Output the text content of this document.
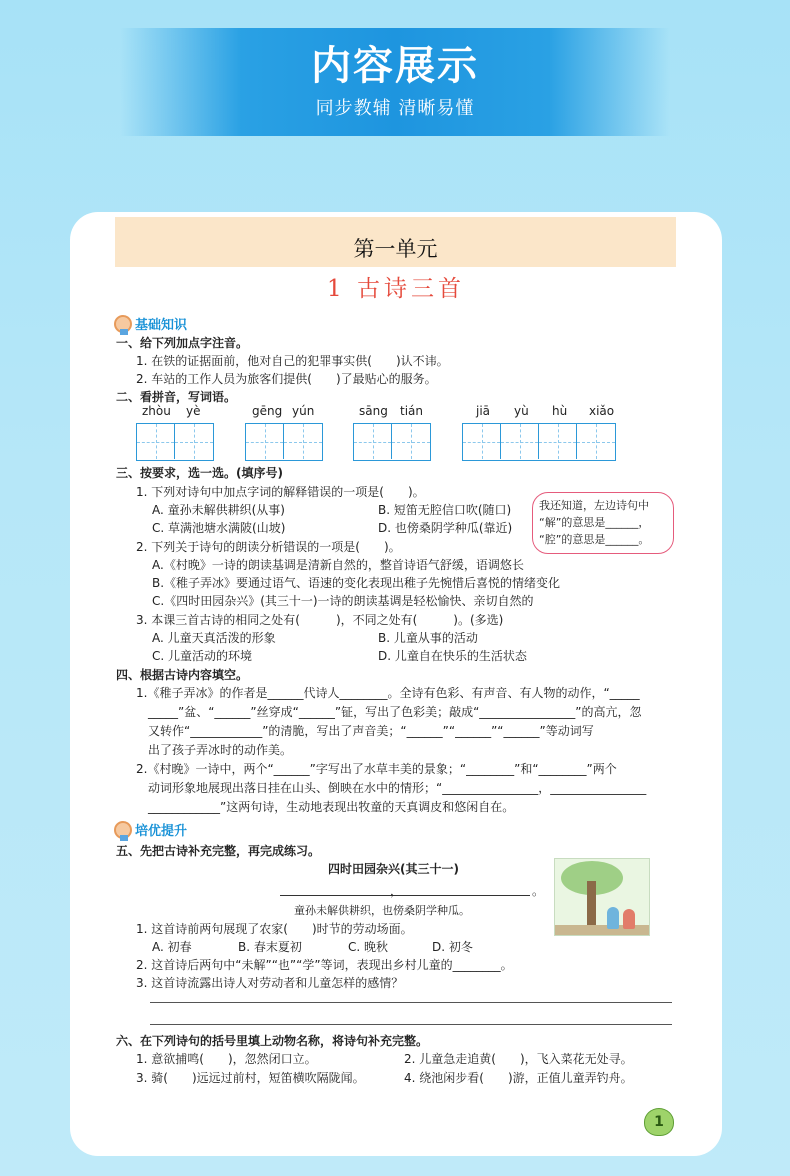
内容展示
同步教辅 清晰易懂
第一单元
1 古诗三首
基础知识
一、给下列加点字注音。
1. 在铁的证据面前，他对自己的犯罪事实供(　　)认不讳。
2. 车站的工作人员为旅客们提供(　　)了最贴心的服务。
二、看拼音，写词语。
zhòu yè	gēng yún	sāng tián	jiā yù hù xiǎo
三、按要求，选一选。(填序号)
1. 下列对诗句中加点字词的解释错误的一项是(　　)。
A. 童孙未解供耕织(从事)	B. 短笛无腔信口吹(随口)
C. 草满池塘水满陂(山坡)	D. 也傍桑阴学种瓜(靠近)
我还知道，左边诗句中
“解”的意思是______，
“腔”的意思是______。
2. 下列关于诗句的朗读分析错误的一项是(　　)。
A.《村晚》一诗的朗读基调是清新自然的，整首诗语气舒缓，语调悠长
B.《稚子弄冰》要通过语气、语速的变化表现出稚子先惋惜后喜悦的情绪变化
C.《四时田园杂兴》(其三十一)一诗的朗读基调是轻松愉快、亲切自然的
3. 本课三首古诗的相同之处有(　　　)，不同之处有(　　　)。(多选)
A. 儿童天真活泼的形象	B. 儿童从事的活动
C. 儿童活动的环境	D. 儿童自在快乐的生活状态
四、根据古诗内容填空。
1.《稚子弄冰》的作者是______代诗人________。全诗有色彩、有声音、有人物的动作，“_____
_____”盆、“______”丝穿成“______”钲，写出了色彩美；敲成“________________”的高亢，忽
又转作“____________”的清脆，写出了声音美；“______”“______”“______”等动词写
出了孩子弄冰时的动作美。
2.《村晚》一诗中，两个“______”字写出了水草丰美的景象；“________”和“________”两个
动词形象地展现出落日挂在山头、倒映在水中的情形；“________________，________________
____________”这两句诗，生动地表现出牧童的天真调皮和悠闲自在。
培优提升
五、先把古诗补充完整，再完成练习。
四时田园杂兴(其三十一)
，	。
童孙未解供耕织，也傍桑阴学种瓜。
1. 这首诗前两句展现了农家(　　)时节的劳动场面。
A. 初春	B. 春末夏初	C. 晚秋	D. 初冬
2. 这首诗后两句中“未解”“也”“学”等词，表现出乡村儿童的________。
3. 这首诗流露出诗人对劳动者和儿童怎样的感情？
六、在下列诗句的括号里填上动物名称，将诗句补充完整。
1. 意欲捕鸣(　　)，忽然闭口立。	2. 儿童急走追黄(　　)，飞入菜花无处寻。
3. 骑(　　)远远过前村，短笛横吹隔陇闻。	4. 绕池闲步看(　　)游，正值儿童弄钓舟。
1
